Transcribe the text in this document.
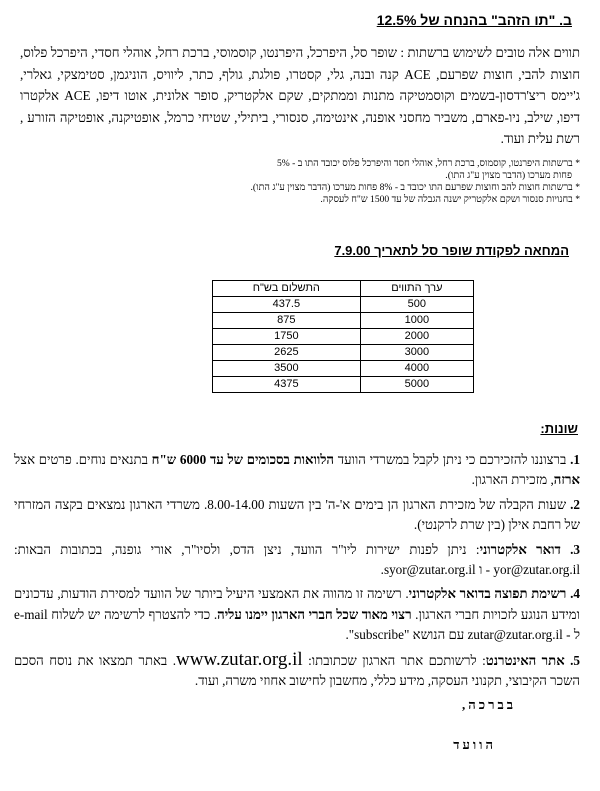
ב. "תו הזהב" בהנחה של 12.5%
תווים אלה טובים לשימוש ברשתות : שופר סל, היפרכל, היפרנטו, קוסמוסי, ברכת רחל, אוהלי חסדי, היפרכל פלוס, חוצות להבי, חוצות שפרעם, ACE קנה ובנה, גלי, קסטרו, פולגת, גולף, כתר, ליוויס, הוניגמן, סטימצקי, גאלרי, ג'יימס ריצ'רדסון-בשמים וקוסמטיקה מתנות וממתקים, שקם אלקטריק, סופר אלונית, אוטו דיפו, ACE אלקטרו דיפו, שילב, ניו-פארם, משביר מחסני אופנה, אינטימה, סנסורי, ביתילי, שטיחי כרמל, אופטיקנה, אופטיקה הזורע , רשת עלית ועוד.
* ברשתות היפרנטו, קוסמוס, ברכת רחל, אוהלי חסד והיפרכל פלוס יכובד התו ב - 5%
פחות מערכו (הדבר מצוין ע"ג התו).
* ברשתות חוצות להב וחוצות שפרעם התו יכובד ב - 8% פחות מערכו (הדבר מצוין ע"ג התו).
* בחנויות סנסור ושקם אלקטריק ישנה הגבלה של עד 1500 ש"ח לעסקה.
המחאה לפקודת שופר סל לתאריך 7.9.00
ערך התווים	התשלום בש"ח
500	437.5
1000	875
2000	1750
3000	2625
4000	3500
5000	4375
שונות:

1. ברצוננו להזכירכם כי ניתן לקבל במשרדי הוועד הלוואות בסכומים של עד 6000 ש"ח בתנאים נוחים. פרטים אצל ארזה, מזכירת הארגון.

2. שעות הקבלה של מזכירת הארגון הן בימים א'-ה' בין השעות 8.00-14.00. משרדי הארגון נמצאים בקצה המזרחי של רחבת אילן (בין שרת לרקנטי).

3. דואר אלקטרוני: ניתן לפנות ישירות ליו"ר הוועד, ניצן הדס, ולסיו"ר, אורי גופנה, בכתובות הבאות: yor@zutar.org.il - ו syor@zutar.org.il.

4. רשימת תפוצה בדואר אלקטרוני. רשימה זו מהווה את האמצעי היעיל ביותר של הוועד למסירת הודעות, עדכונים ומידע הנוגע לזכויות חברי הארגון. רצוי מאוד שכל חברי הארגון יימנו עליה. כדי להצטרף לרשימה יש לשלוח e-mail ל - zutar@zutar.org.il עם הנושא "subscribe".

5. אתר האינטרנט: לרשותכם אתר הארגון שכתובתו: www.zutar.org.il. באתר תמצאו את נוסח הסכם השכר הקיבוצי, תקנוני העסקה, מידע כללי, מחשבון לחישוב אחוזי משרה, ועוד.

בברכה,
הוועד
